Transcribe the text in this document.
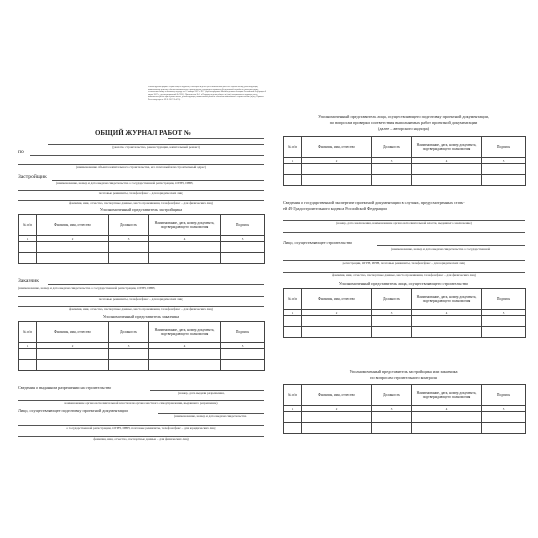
Рекомендуемая форма. Форма общего журнала, в котором ведется учет выполнения работ по строительству, реконструкции, капитальному ремонту объекта капитального строительства, утверждена приказом Федеральной службы по экологическому, технологическому и атомному надзору от 12 января 2007 г. № 7 (зарегистрирован Министерством юстиции Российской Федерации 6 марта 2007 г., регистрационный № 9051). Приложение № 1 к Порядку ведения общего и (или) специального журнала учета выполнения работ при строительстве, реконструкции, капитальном ремонте объектов капитального строительства (в ред. Приказа Ростехнадзора от 09.11.2017 № 470).
ОБЩИЙ ЖУРНАЛ РАБОТ №
(указать: строительство, реконструкция, капитальный ремонт)
по
(наименование объекта капитального строительства, его почтовый или строительный адрес)
Застройщик
(наименование, номер и дата выдачи свидетельства о государственной регистрации, ОГРН, ИНН,
почтовые реквизиты, телефон/факс – для юридических лиц;
фамилия, имя, отчество, паспортные данные, место проживания, телефон/факс – для физических лиц)
Уполномоченный представитель застройщика
№ п/п	Фамилия, имя, отчество	Должность	Наименование, дата, номер документа, подтверждающего полномочия	Подпись
1	2	3	4	5

Заказчик
(наименование, номер и дата выдачи свидетельства о государственной регистрации, ОГРН, ИНН,
почтовые реквизиты, телефон/факс – для юридических лиц;
фамилия, имя, отчество, паспортные данные, место проживания, телефон/факс – для физических лиц)
Уполномоченный представитель заказчика
№ п/п	Фамилия, имя, отчество	Должность	Наименование, дата, номер документа, подтверждающего полномочия	Подпись
1	2	3	4	5

Сведения о выданном разрешении на строительство
(номер, дата выдачи разрешения,
наименование органа исполнительной власти или органа местного самоуправления, выдавшего разрешение)
Лицо, осуществляющее подготовку проектной документации
(наименование, номер и дата выдачи свидетельства
о государственной регистрации, ОГРН, ИНН, почтовые реквизиты, телефон/факс – для юридических лиц;
фамилия, имя, отчество, паспортные данные – для физических лиц)
Уполномоченный представитель лица, осуществляющего подготовку проектной документации,
по вопросам проверки соответствия выполняемых работ проектной документации
(далее – авторского надзора)
№ п/п	Фамилия, имя, отчество	Должность	Наименование, дата, номер документа, подтверждающего полномочия	Подпись
1	2	3	4	5

Сведения о государственной экспертизе проектной документации в случаях, предусмотренных стать-
ей 49 Градостроительного кодекса Российской Федерации
(номер, дата заключения, наименование органа исполнительной власти, выдавшего заключение)
Лицо, осуществляющее строительство
(наименование, номер и дата выдачи свидетельства о государственной
регистрации, ОГРН, ИНН, почтовые реквизиты, телефон/факс – для юридических лиц;
фамилия, имя, отчество, паспортные данные, место проживания, телефон/факс – для физических лиц)
Уполномоченный представитель лица, осуществляющего строительство
№ п/п	Фамилия, имя, отчество	Должность	Наименование, дата, номер документа, подтверждающего полномочия	Подпись
1	2	3	4	5

Уполномоченный представитель застройщика или заказчика
по вопросам строительного контроля
№ п/п	Фамилия, имя, отчество	Должность	Наименование, дата, номер документа, подтверждающего полномочия	Подпись
1	2	3	4	5
